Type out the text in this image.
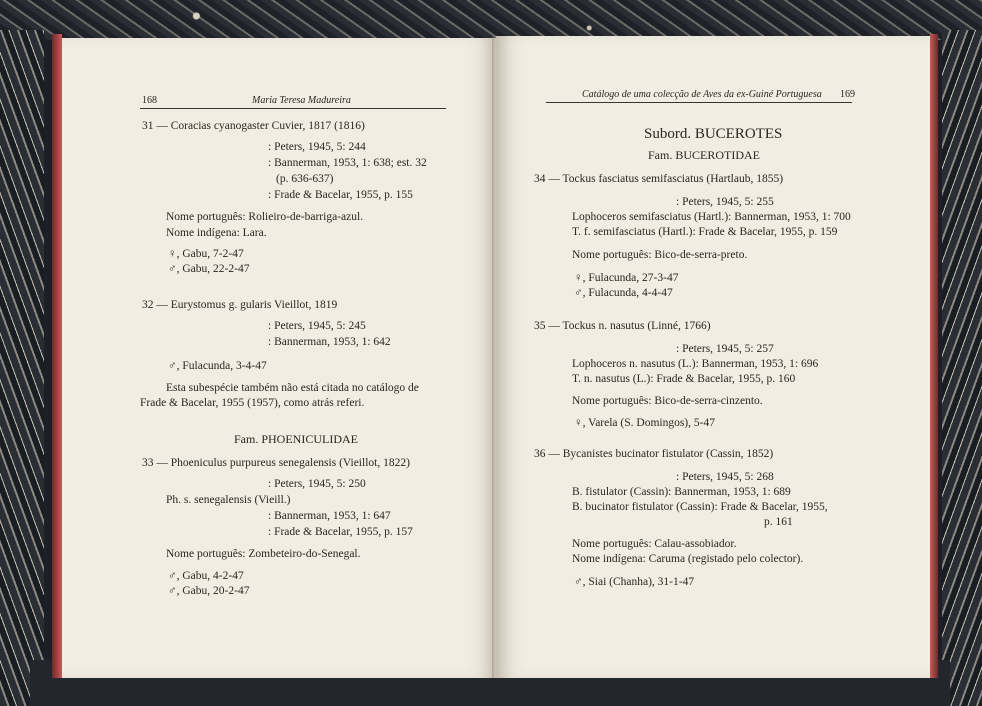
168	Maria Teresa Madureira
31 — Coracias cyanogaster Cuvier, 1817 (1816)
: Peters, 1945, 5: 244
: Bannerman, 1953, 1: 638; est. 32
(p. 636-637)
: Frade & Bacelar, 1955, p. 155
Nome português: Rolieiro-de-barriga-azul.
Nome indígena: Lara.
♀, Gabu, 7-2-47
♂, Gabu, 22-2-47
32 — Eurystomus g. gularis Vieillot, 1819
: Peters, 1945, 5: 245
: Bannerman, 1953, 1: 642
♂, Fulacunda, 3-4-47
Esta subespécie também não está citada no catálogo de
Frade & Bacelar, 1955 (1957), como atrás referi.
Fam. PHOENICULIDAE
33 — Phoeniculus purpureus senegalensis (Vieillot, 1822)
: Peters, 1945, 5: 250
Ph. s. senegalensis (Vieill.)
: Bannerman, 1953, 1: 647
: Frade & Bacelar, 1955, p. 157
Nome português: Zombeteiro-do-Senegal.
♂, Gabu, 4-2-47
♂, Gabu, 20-2-47
Catálogo de uma colecção de Aves da ex-Guiné Portuguesa 169
Subord. BUCEROTES
Fam. BUCEROTIDAE
34 — Tockus fasciatus semifasciatus (Hartlaub, 1855)
: Peters, 1945, 5: 255
Lophoceros semifasciatus (Hartl.): Bannerman, 1953, 1: 700
T. f. semifasciatus (Hartl.): Frade & Bacelar, 1955, p. 159
Nome português: Bico-de-serra-preto.
♀, Fulacunda, 27-3-47
♂, Fulacunda, 4-4-47
35 — Tockus n. nasutus (Linné, 1766)
: Peters, 1945, 5: 257
Lophoceros n. nasutus (L.): Bannerman, 1953, 1: 696
T. n. nasutus (L.): Frade & Bacelar, 1955, p. 160
Nome português: Bico-de-serra-cinzento.
♀, Varela (S. Domingos), 5-47
36 — Bycanistes bucinator fistulator (Cassin, 1852)
: Peters, 1945, 5: 268
B. fistulator (Cassin): Bannerman, 1953, 1: 689
B. bucinator fistulator (Cassin): Frade & Bacelar, 1955,
p. 161
Nome português: Calau-assobiador.
Nome indígena: Caruma (registado pelo colector).
♂, Siai (Chanha), 31-1-47
